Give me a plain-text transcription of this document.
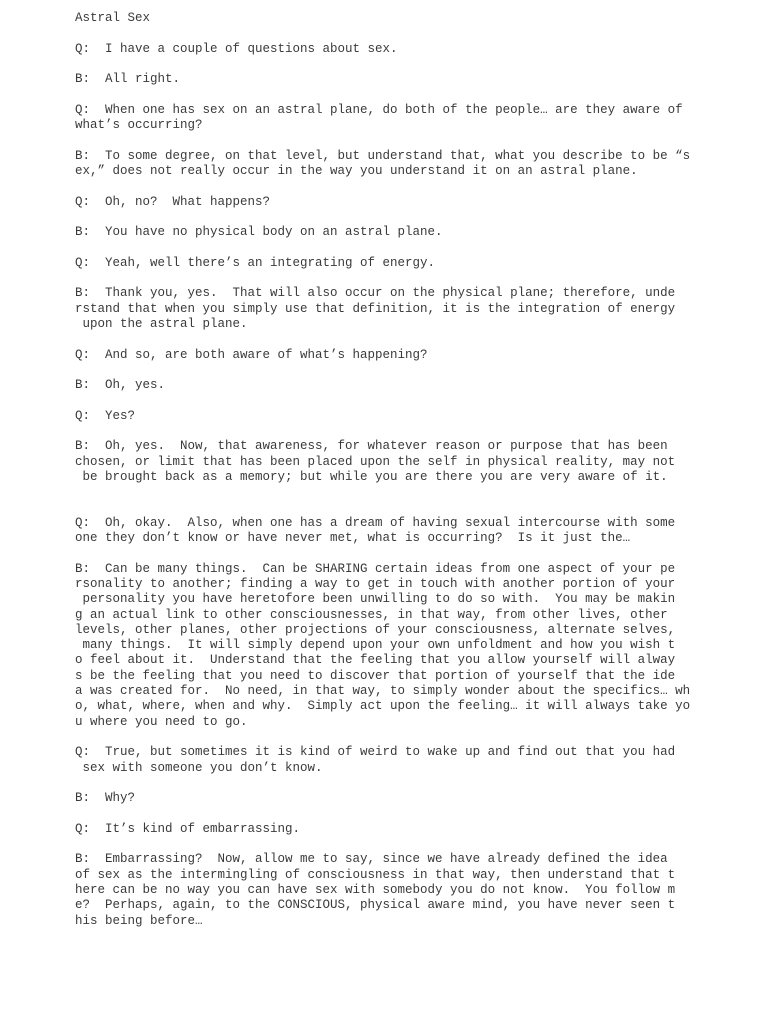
Astral Sex
Q:  I have a couple of questions about sex.
B:  All right.
Q:  When one has sex on an astral plane, do both of the people… are they aware of
what’s occurring?
B:  To some degree, on that level, but understand that, what you describe to be “s
ex,” does not really occur in the way you understand it on an astral plane.
Q:  Oh, no?  What happens?
B:  You have no physical body on an astral plane.
Q:  Yeah, well there’s an integrating of energy.
B:  Thank you, yes.  That will also occur on the physical plane; therefore, unde
rstand that when you simply use that definition, it is the integration of energy
upon the astral plane.
Q:  And so, are both aware of what’s happening?
B:  Oh, yes.
Q:  Yes?
B:  Oh, yes.  Now, that awareness, for whatever reason or purpose that has been
chosen, or limit that has been placed upon the self in physical reality, may not
be brought back as a memory; but while you are there you are very aware of it.
Q:  Oh, okay.  Also, when one has a dream of having sexual intercourse with some
one they don’t know or have never met, what is occurring?  Is it just the…
B:  Can be many things.  Can be SHARING certain ideas from one aspect of your pe
rsonality to another; finding a way to get in touch with another portion of your
personality you have heretofore been unwilling to do so with.  You may be makin
g an actual link to other consciousnesses, in that way, from other lives, other
levels, other planes, other projections of your consciousness, alternate selves,
many things.  It will simply depend upon your own unfoldment and how you wish t
o feel about it.  Understand that the feeling that you allow yourself will alway
s be the feeling that you need to discover that portion of yourself that the ide
a was created for.  No need, in that way, to simply wonder about the specifics… wh
o, what, where, when and why.  Simply act upon the feeling… it will always take yo
u where you need to go.
Q:  True, but sometimes it is kind of weird to wake up and find out that you had
sex with someone you don’t know.
B:  Why?
Q:  It’s kind of embarrassing.
B:  Embarrassing?  Now, allow me to say, since we have already defined the idea
of sex as the intermingling of consciousness in that way, then understand that t
here can be no way you can have sex with somebody you do not know.  You follow m
e?  Perhaps, again, to the CONSCIOUS, physical aware mind, you have never seen t
his being before…
